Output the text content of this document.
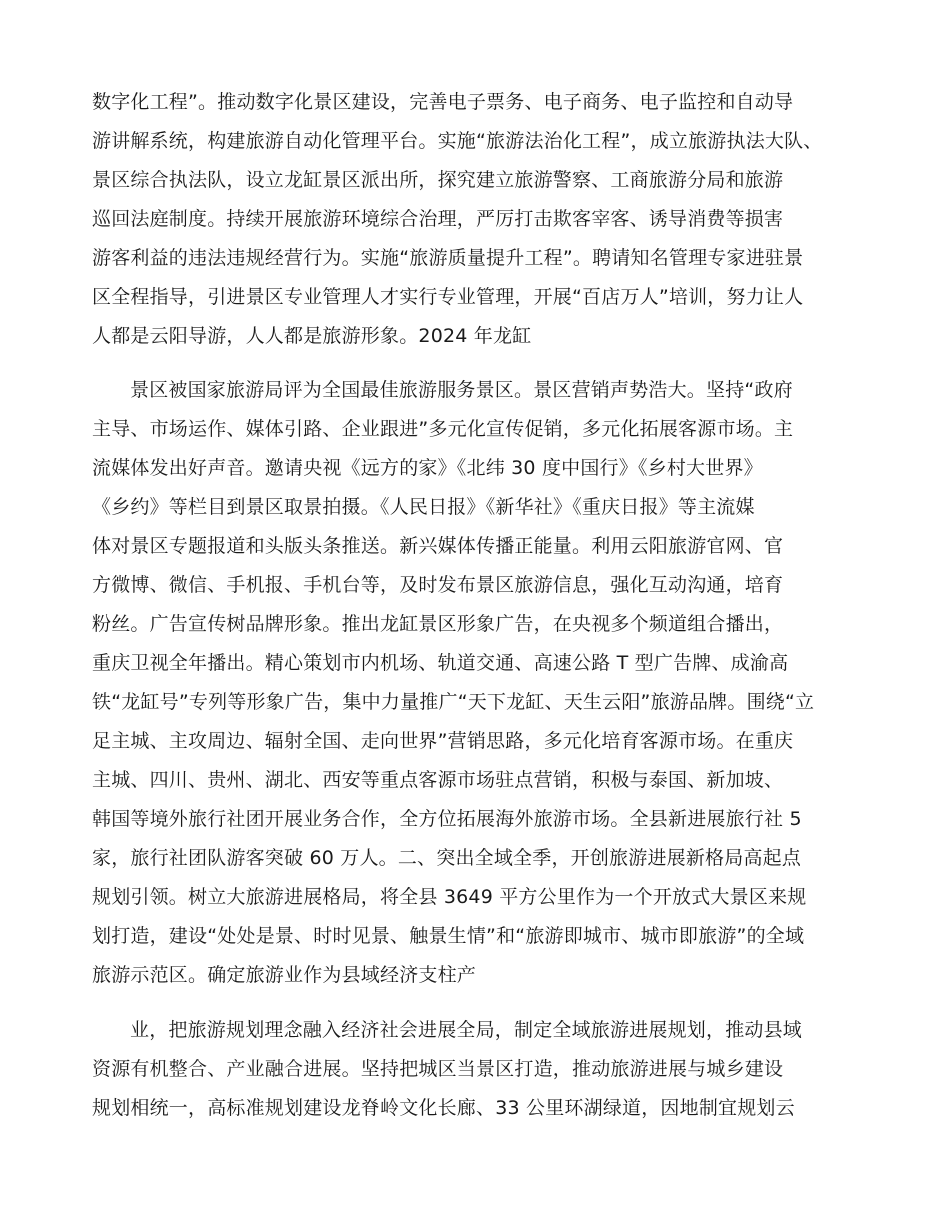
数字化工程”。推动数字化景区建设，完善电子票务、电子商务、电子监控和自动导
游讲解系统，构建旅游自动化管理平台。实施“旅游法治化工程”，成立旅游执法大队、
景区综合执法队，设立龙缸景区派出所，探究建立旅游警察、工商旅游分局和旅游
巡回法庭制度。持续开展旅游环境综合治理，严厉打击欺客宰客、诱导消费等损害
游客利益的违法违规经营行为。实施“旅游质量提升工程”。聘请知名管理专家进驻景
区全程指导，引进景区专业管理人才实行专业管理，开展“百店万人”培训，努力让人
人都是云阳导游，人人都是旅游形象。2024 年龙缸
景区被国家旅游局评为全国最佳旅游服务景区。景区营销声势浩大。坚持“政府
主导、市场运作、媒体引路、企业跟进”多元化宣传促销，多元化拓展客源市场。主
流媒体发出好声音。邀请央视《远方的家》《北纬 30 度中国行》《乡村大世界》
《乡约》等栏目到景区取景拍摄。《人民日报》《新华社》《重庆日报》等主流媒
体对景区专题报道和头版头条推送。新兴媒体传播正能量。利用云阳旅游官网、官
方微博、微信、手机报、手机台等，及时发布景区旅游信息，强化互动沟通，培育
粉丝。广告宣传树品牌形象。推出龙缸景区形象广告，在央视多个频道组合播出，
重庆卫视全年播出。精心策划市内机场、轨道交通、高速公路 T 型广告牌、成渝高
铁“龙缸号”专列等形象广告，集中力量推广“天下龙缸、天生云阳”旅游品牌。围绕“立
足主城、主攻周边、辐射全国、走向世界”营销思路，多元化培育客源市场。在重庆
主城、四川、贵州、湖北、西安等重点客源市场驻点营销，积极与泰国、新加坡、
韩国等境外旅行社团开展业务合作，全方位拓展海外旅游市场。全县新进展旅行社 5
家，旅行社团队游客突破 60 万人。二、突出全域全季，开创旅游进展新格局高起点
规划引领。树立大旅游进展格局，将全县 3649 平方公里作为一个开放式大景区来规
划打造，建设“处处是景、时时见景、触景生情”和“旅游即城市、城市即旅游”的全域
旅游示范区。确定旅游业作为县域经济支柱产
业，把旅游规划理念融入经济社会进展全局，制定全域旅游进展规划，推动县域
资源有机整合、产业融合进展。坚持把城区当景区打造，推动旅游进展与城乡建设
规划相统一，高标准规划建设龙脊岭文化长廊、33 公里环湖绿道，因地制宜规划云
